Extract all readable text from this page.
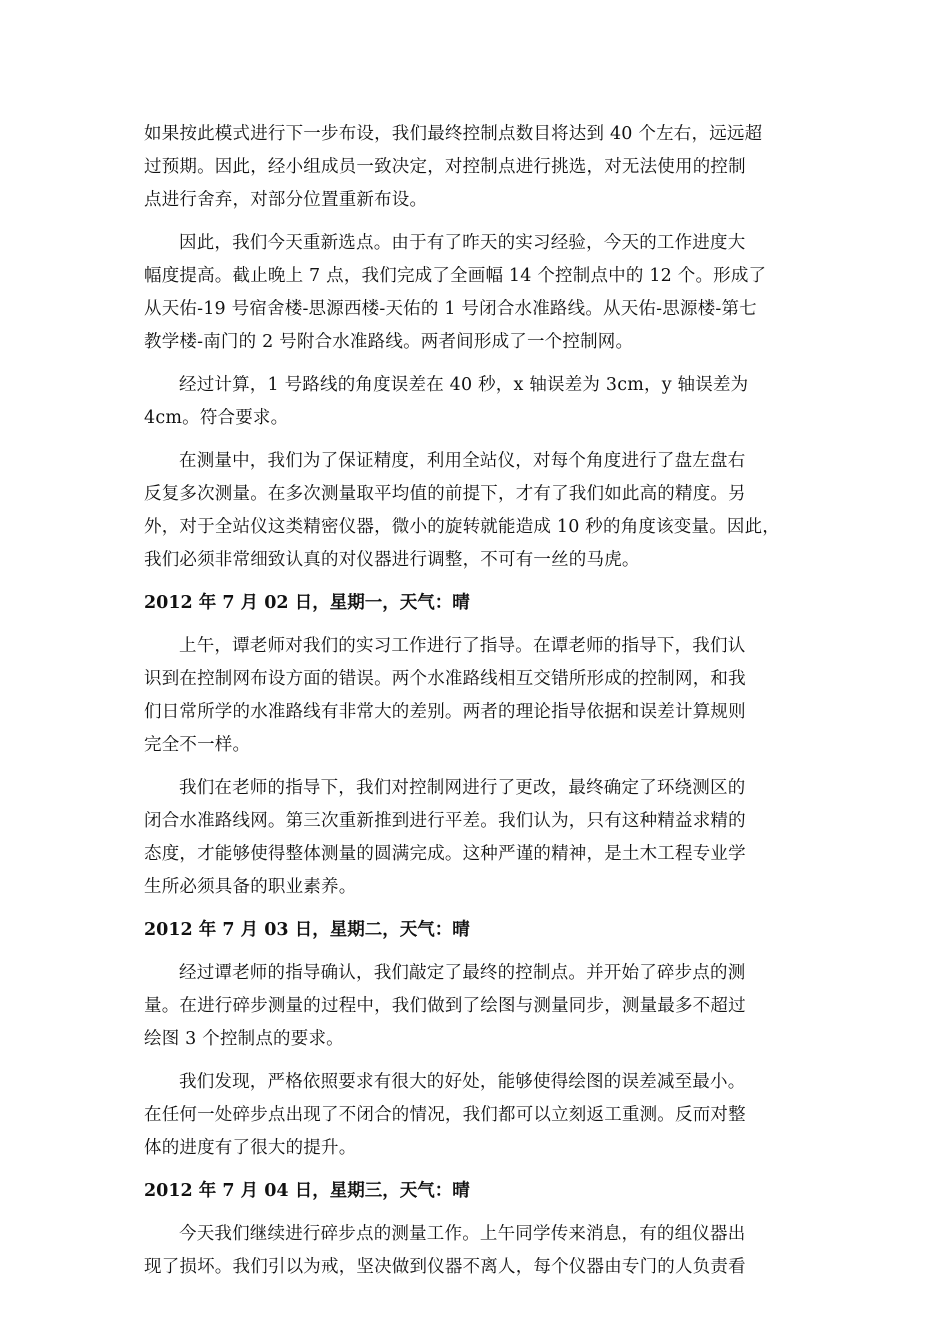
如果按此模式进行下一步布设，我们最终控制点数目将达到 40 个左右，远远超
过预期。因此，经小组成员一致决定，对控制点进行挑选，对无法使用的控制
点进行舍弃，对部分位置重新布设。

因此，我们今天重新选点。由于有了昨天的实习经验，今天的工作进度大
幅度提高。截止晚上 7 点，我们完成了全画幅 14 个控制点中的 12 个。形成了
从天佑-19 号宿舍楼-思源西楼-天佑的 1 号闭合水准路线。从天佑-思源楼-第七
教学楼-南门的 2 号附合水准路线。两者间形成了一个控制网。

经过计算，1 号路线的角度误差在 40 秒，x 轴误差为 3cm，y 轴误差为
4cm。符合要求。

在测量中，我们为了保证精度，利用全站仪，对每个角度进行了盘左盘右
反复多次测量。在多次测量取平均值的前提下，才有了我们如此高的精度。另
外，对于全站仪这类精密仪器，微小的旋转就能造成 10 秒的角度该变量。因此，
我们必须非常细致认真的对仪器进行调整，不可有一丝的马虎。

2012 年 7 月 02 日，星期一，天气：晴

上午，谭老师对我们的实习工作进行了指导。在谭老师的指导下，我们认
识到在控制网布设方面的错误。两个水准路线相互交错所形成的控制网，和我
们日常所学的水准路线有非常大的差别。两者的理论指导依据和误差计算规则
完全不一样。

我们在老师的指导下，我们对控制网进行了更改，最终确定了环绕测区的
闭合水准路线网。第三次重新推到进行平差。我们认为，只有这种精益求精的
态度，才能够使得整体测量的圆满完成。这种严谨的精神，是土木工程专业学
生所必须具备的职业素养。

2012 年 7 月 03 日，星期二，天气：晴

经过谭老师的指导确认，我们敲定了最终的控制点。并开始了碎步点的测
量。在进行碎步测量的过程中，我们做到了绘图与测量同步，测量最多不超过
绘图 3 个控制点的要求。

我们发现，严格依照要求有很大的好处，能够使得绘图的误差减至最小。
在任何一处碎步点出现了不闭合的情况，我们都可以立刻返工重测。反而对整
体的进度有了很大的提升。

2012 年 7 月 04 日，星期三，天气：晴

今天我们继续进行碎步点的测量工作。上午同学传来消息，有的组仪器出
现了损坏。我们引以为戒，坚决做到仪器不离人，每个仪器由专门的人负责看
